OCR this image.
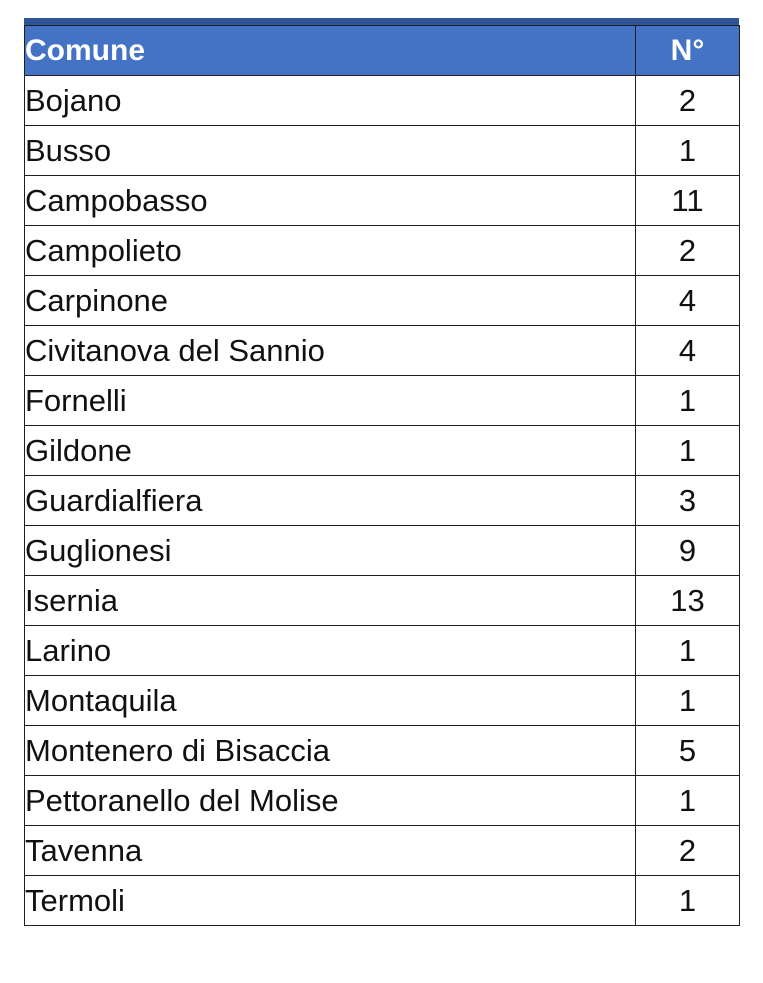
Comune	N°
Bojano	2
Busso	1
Campobasso	11
Campolieto	2
Carpinone	4
Civitanova del Sannio	4
Fornelli	1
Gildone	1
Guardialfiera	3
Guglionesi	9
Isernia	13
Larino	1
Montaquila	1
Montenero di Bisaccia	5
Pettoranello del Molise	1
Tavenna	2
Termoli	1
